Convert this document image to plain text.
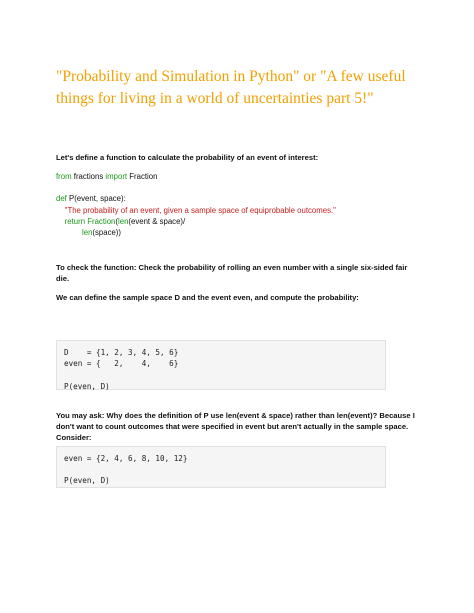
"Probability and Simulation in Python" or "A few useful things for living in a world of uncertainties part 5!"
Let's define a function to calculate the probability of an event of interest:
from fractions import Fraction

def P(event, space):
"The probability of an event, given a sample space of equiprobable outcomes."
return Fraction(len(event & space)/
len(space))
To check the function: Check the probability of rolling an even number with a single six-sided fair die.
We can define the sample space D and the event even, and compute the probability:
D    = {1, 2, 3, 4, 5, 6}
even = {   2,    4,    6}

P(even, D)
You may ask: Why does the definition of P use len(event & space) rather than len(event)? Because I don't want to count outcomes that were specified in event but aren't actually in the sample space. Consider:
even = {2, 4, 6, 8, 10, 12}

P(even, D)
